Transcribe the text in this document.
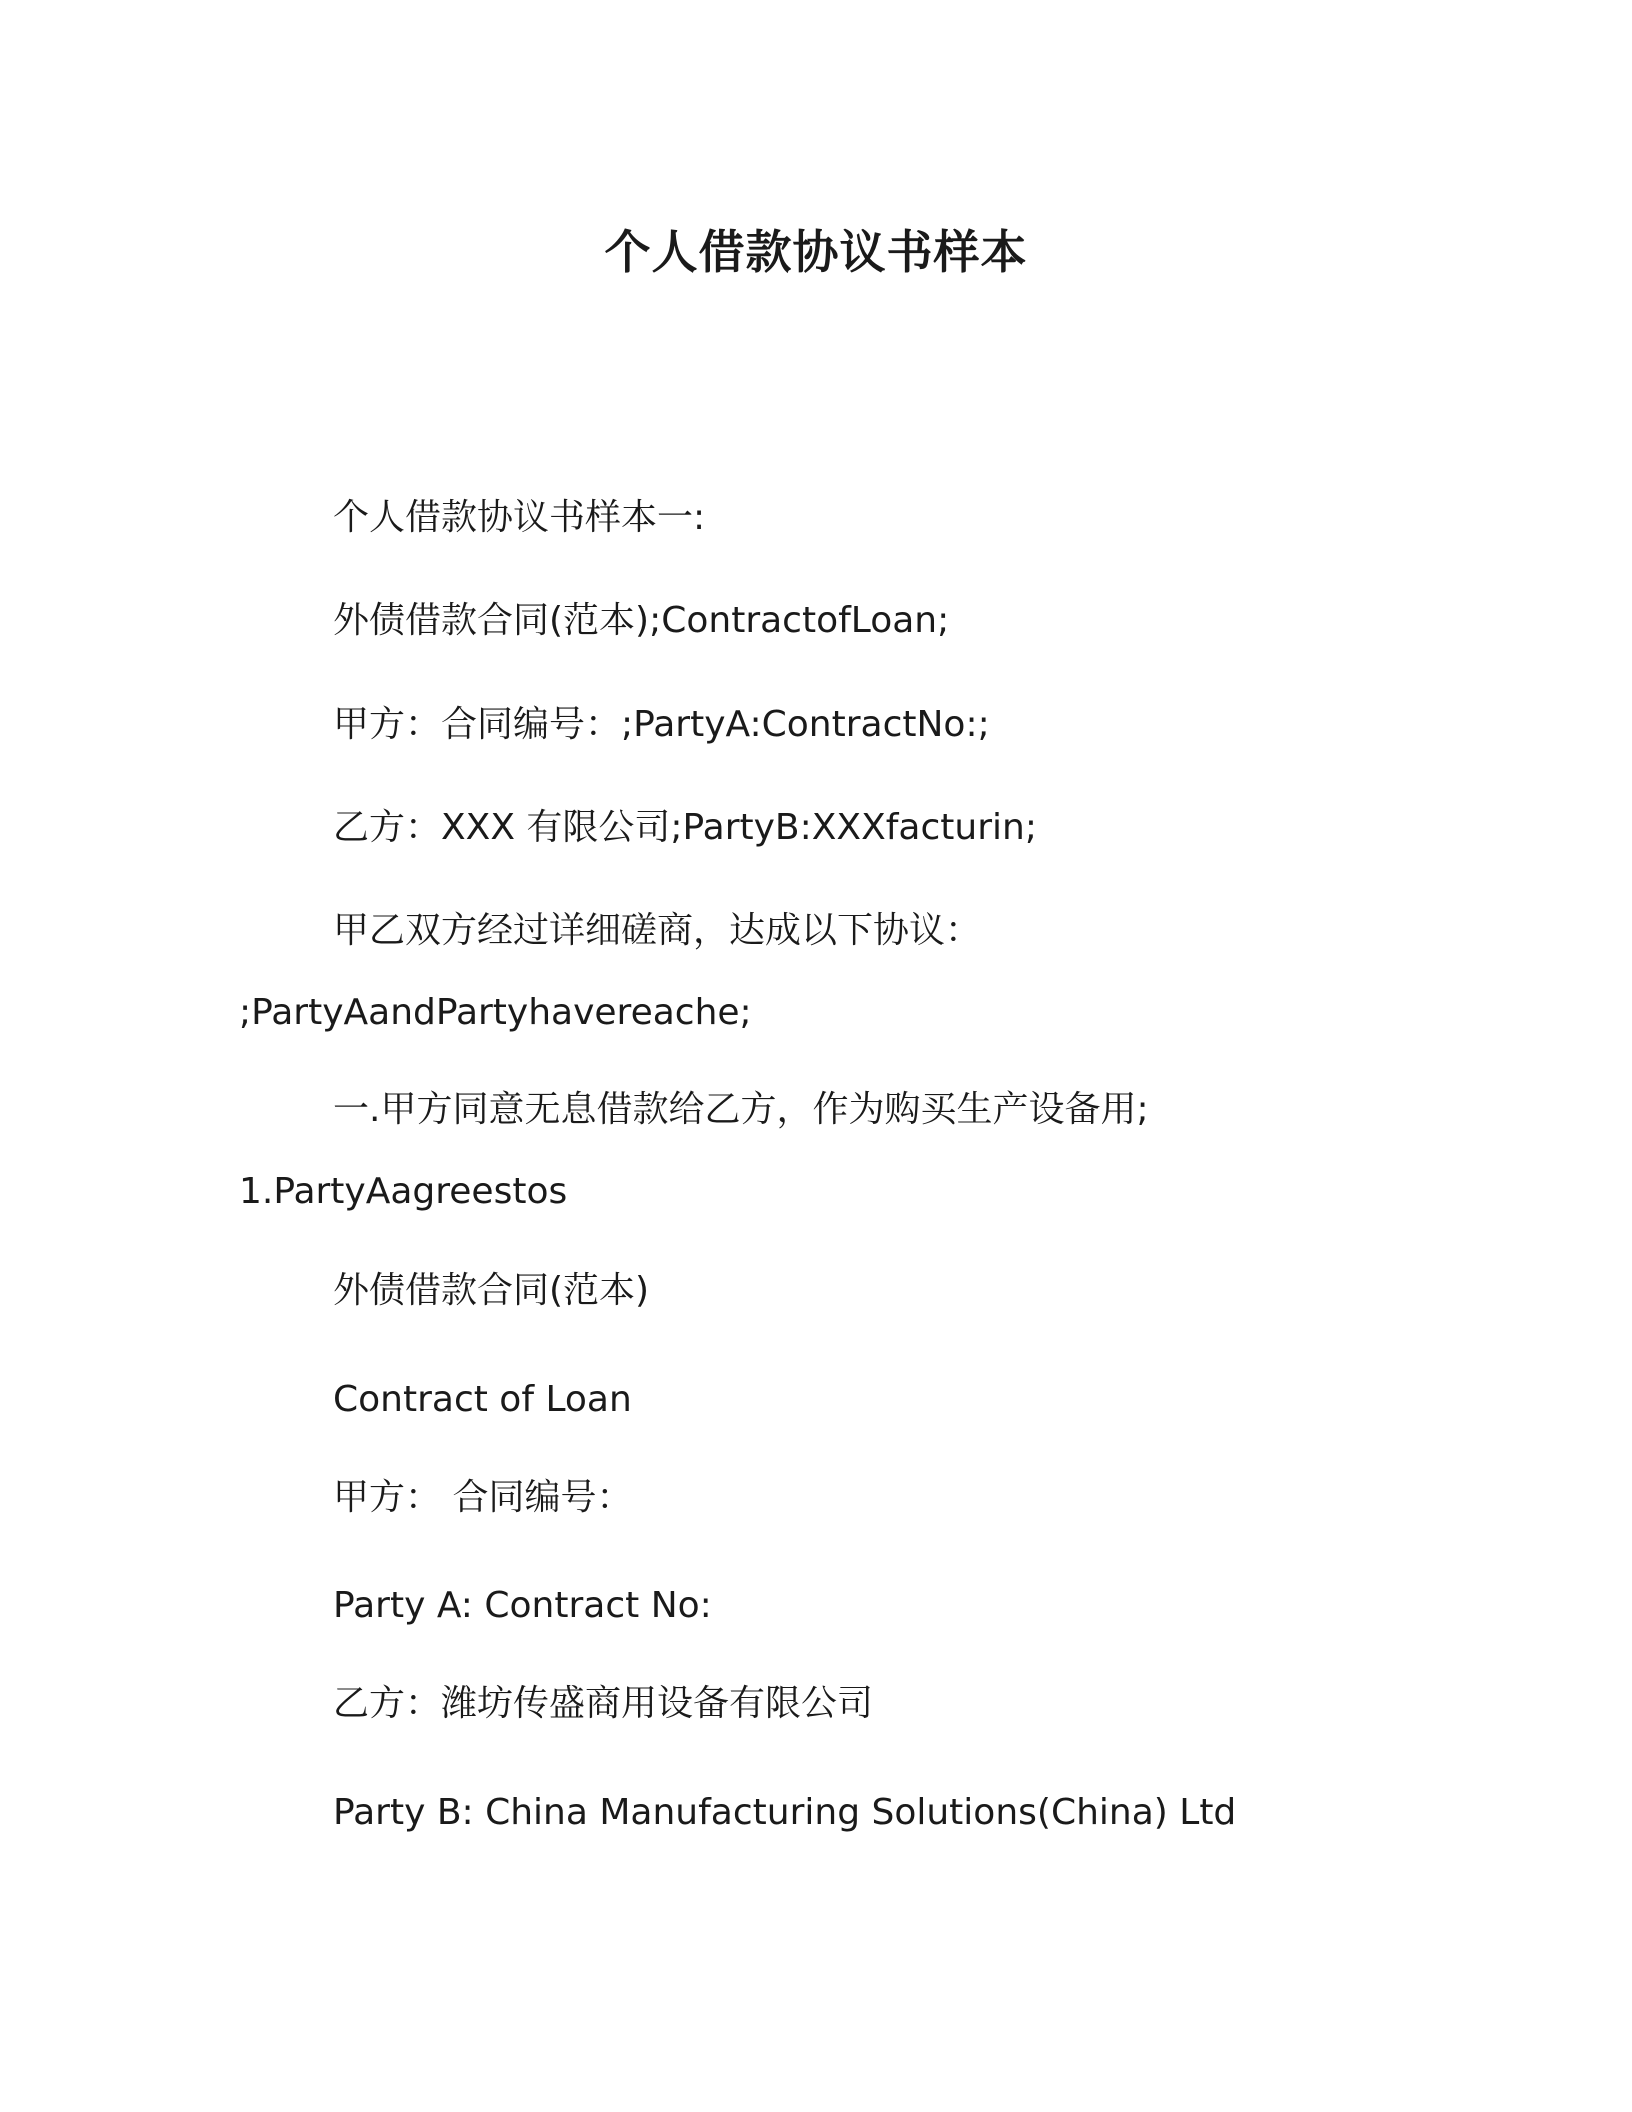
个人借款协议书样本
个人借款协议书样本一:
外债借款合同(范本);ContractofLoan;
甲方：合同编号：;PartyA:ContractNo:;
乙方：XXX 有限公司;PartyB:XXXfacturin;
甲乙双方经过详细磋商，达成以下协议：
;PartyAandPartyhavereache;
一.甲方同意无息借款给乙方，作为购买生产设备用;
1.PartyAagreestos
外债借款合同(范本)
Contract of Loan
甲方： 合同编号：
Party A: Contract No:
乙方：潍坊传盛商用设备有限公司
Party B: China Manufacturing Solutions(China) Ltd
